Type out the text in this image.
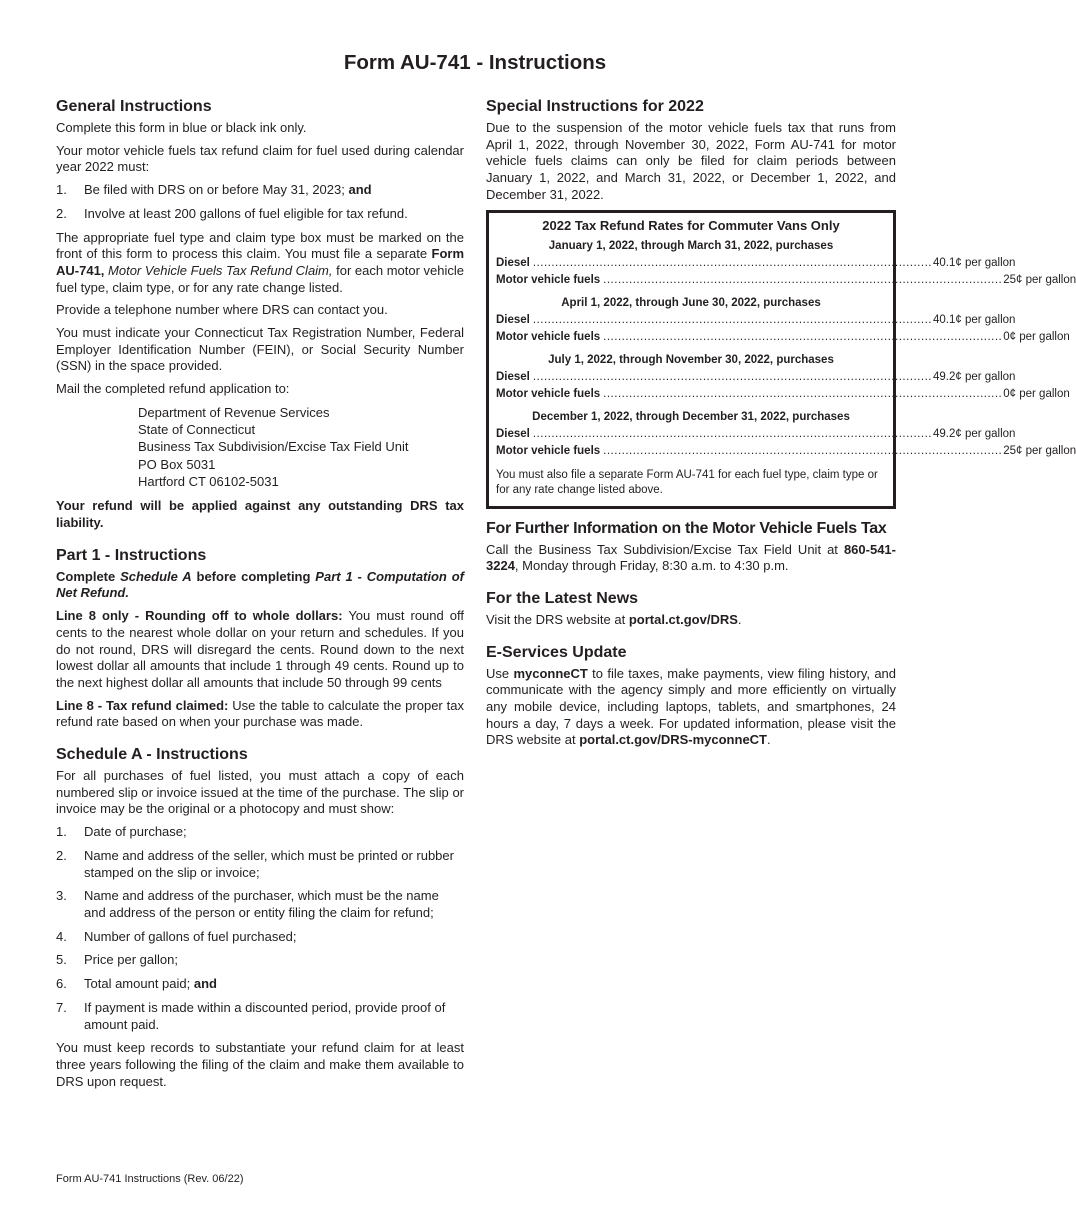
Form AU-741 - Instructions
General Instructions

Complete this form in blue or black ink only.

Your motor vehicle fuels tax refund claim for fuel used during calendar year 2022 must:

1. Be filed with DRS on or before May 31, 2023; and
2. Involve at least 200 gallons of fuel eligible for tax refund.

The appropriate fuel type and claim type box must be marked on the front of this form to process this claim. You must file a separate Form AU-741, Motor Vehicle Fuels Tax Refund Claim, for each motor vehicle fuel type, claim type, or for any rate change listed.

Provide a telephone number where DRS can contact you.

You must indicate your Connecticut Tax Registration Number, Federal Employer Identification Number (FEIN), or Social Security Number (SSN) in the space provided.

Mail the completed refund application to:

Department of Revenue Services
State of Connecticut
Business Tax Subdivision/Excise Tax Field Unit
PO Box 5031
Hartford CT 06102-5031

Your refund will be applied against any outstanding DRS tax liability.

Part 1 - Instructions

Complete Schedule A before completing Part 1 - Computation of Net Refund.

Line 8 only - Rounding off to whole dollars: You must round off cents to the nearest whole dollar on your return and schedules. If you do not round, DRS will disregard the cents. Round down to the next lowest dollar all amounts that include 1 through 49 cents. Round up to the next highest dollar all amounts that include 50 through 99 cents

Line 8 - Tax refund claimed: Use the table to calculate the proper tax refund rate based on when your purchase was made.

Schedule A - Instructions

For all purchases of fuel listed, you must attach a copy of each numbered slip or invoice issued at the time of the purchase. The slip or invoice may be the original or a photocopy and must show:

1. Date of purchase;
2. Name and address of the seller, which must be printed or rubber stamped on the slip or invoice;
3. Name and address of the purchaser, which must be the name and address of the person or entity filing the claim for refund;
4. Number of gallons of fuel purchased;
5. Price per gallon;
6. Total amount paid; and
7. If payment is made within a discounted period, provide proof of amount paid.

You must keep records to substantiate your refund claim for at least three years following the filing of the claim and make them available to DRS upon request.

Special Instructions for 2022

Due to the suspension of the motor vehicle fuels tax that runs from April 1, 2022, through November 30, 2022, Form AU-741 for motor vehicle fuels claims can only be filed for claim periods between January 1, 2022, and March 31, 2022, or December 1, 2022, and December 31, 2022.

2022 Tax Refund Rates for Commuter Vans Only
January 1, 2022, through March 31, 2022, purchases
Diesel ............................................................................................................ 40.1¢ per gallon
Motor vehicle fuels ............................................................................................................ 25¢ per gallon
April 1, 2022, through June 30, 2022, purchases
Diesel ............................................................................................................ 40.1¢ per gallon
Motor vehicle fuels ............................................................................................................ 0¢ per gallon
July 1, 2022, through November 30, 2022, purchases
Diesel ............................................................................................................ 49.2¢ per gallon
Motor vehicle fuels ............................................................................................................ 0¢ per gallon
December 1, 2022, through December 31, 2022, purchases
Diesel ............................................................................................................ 49.2¢ per gallon
Motor vehicle fuels ............................................................................................................ 25¢ per gallon

You must also file a separate Form AU-741 for each fuel type, claim type or for any rate change listed above.

For Further Information on the Motor Vehicle Fuels Tax

Call the Business Tax Subdivision/Excise Tax Field Unit at 860-541-3224, Monday through Friday, 8:30 a.m. to 4:30 p.m.

For the Latest News

Visit the DRS website at portal.ct.gov/DRS.

E-Services Update

Use myconneCT to file taxes, make payments, view filing history, and communicate with the agency simply and more efficiently on virtually any mobile device, including laptops, tablets, and smartphones, 24 hours a day, 7 days a week. For updated information, please visit the DRS website at portal.ct.gov/DRS-myconneCT.

Form AU-741 Instructions (Rev. 06/22)
